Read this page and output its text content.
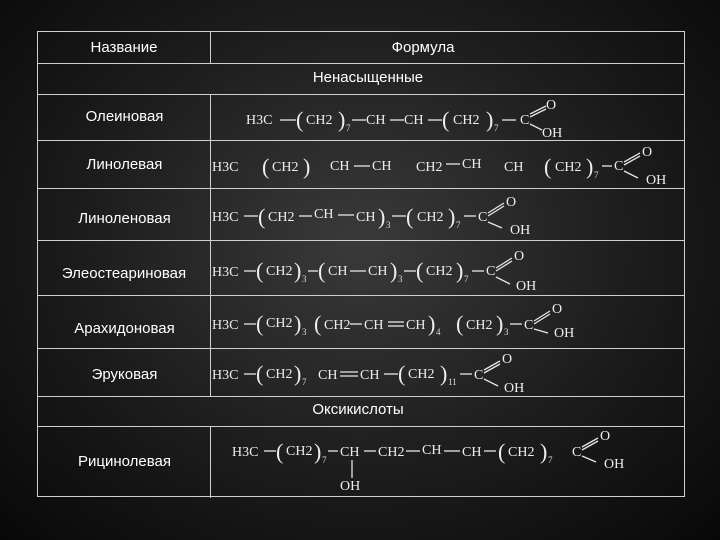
Название	Формула
Ненасыщенные
Оксикислоты
Олеиновая
Линолевая
Линоленовая
Элеостеариновая
Арахидоновая
Эруковая
Рицинолевая
H3C ( CH2 ) 7 CH CH ( CH2 ) 7 C
O
OH
H3C ( CH2 ) CH CH CH2 CH CH ( CH2 ) 7
C
O
OH
H3C ( CH2 CH CH ) 3 ( CH2 ) 7 C
O
OH
H3C ( CH2 ) 3 ( CH CH ) 3 ( CH2 ) 7 C
O
OH
H3C ( CH2 ) 3 ( CH2 CH CH ) 4 ( CH2 ) 3 C
O
OH
H3C ( CH2 ) 7 CH CH ( CH2 ) 11 C
O
OH
H3C ( CH2 ) 7 CH
OH
CH2 CH CH ( CH2 ) 7 C
O
OH
